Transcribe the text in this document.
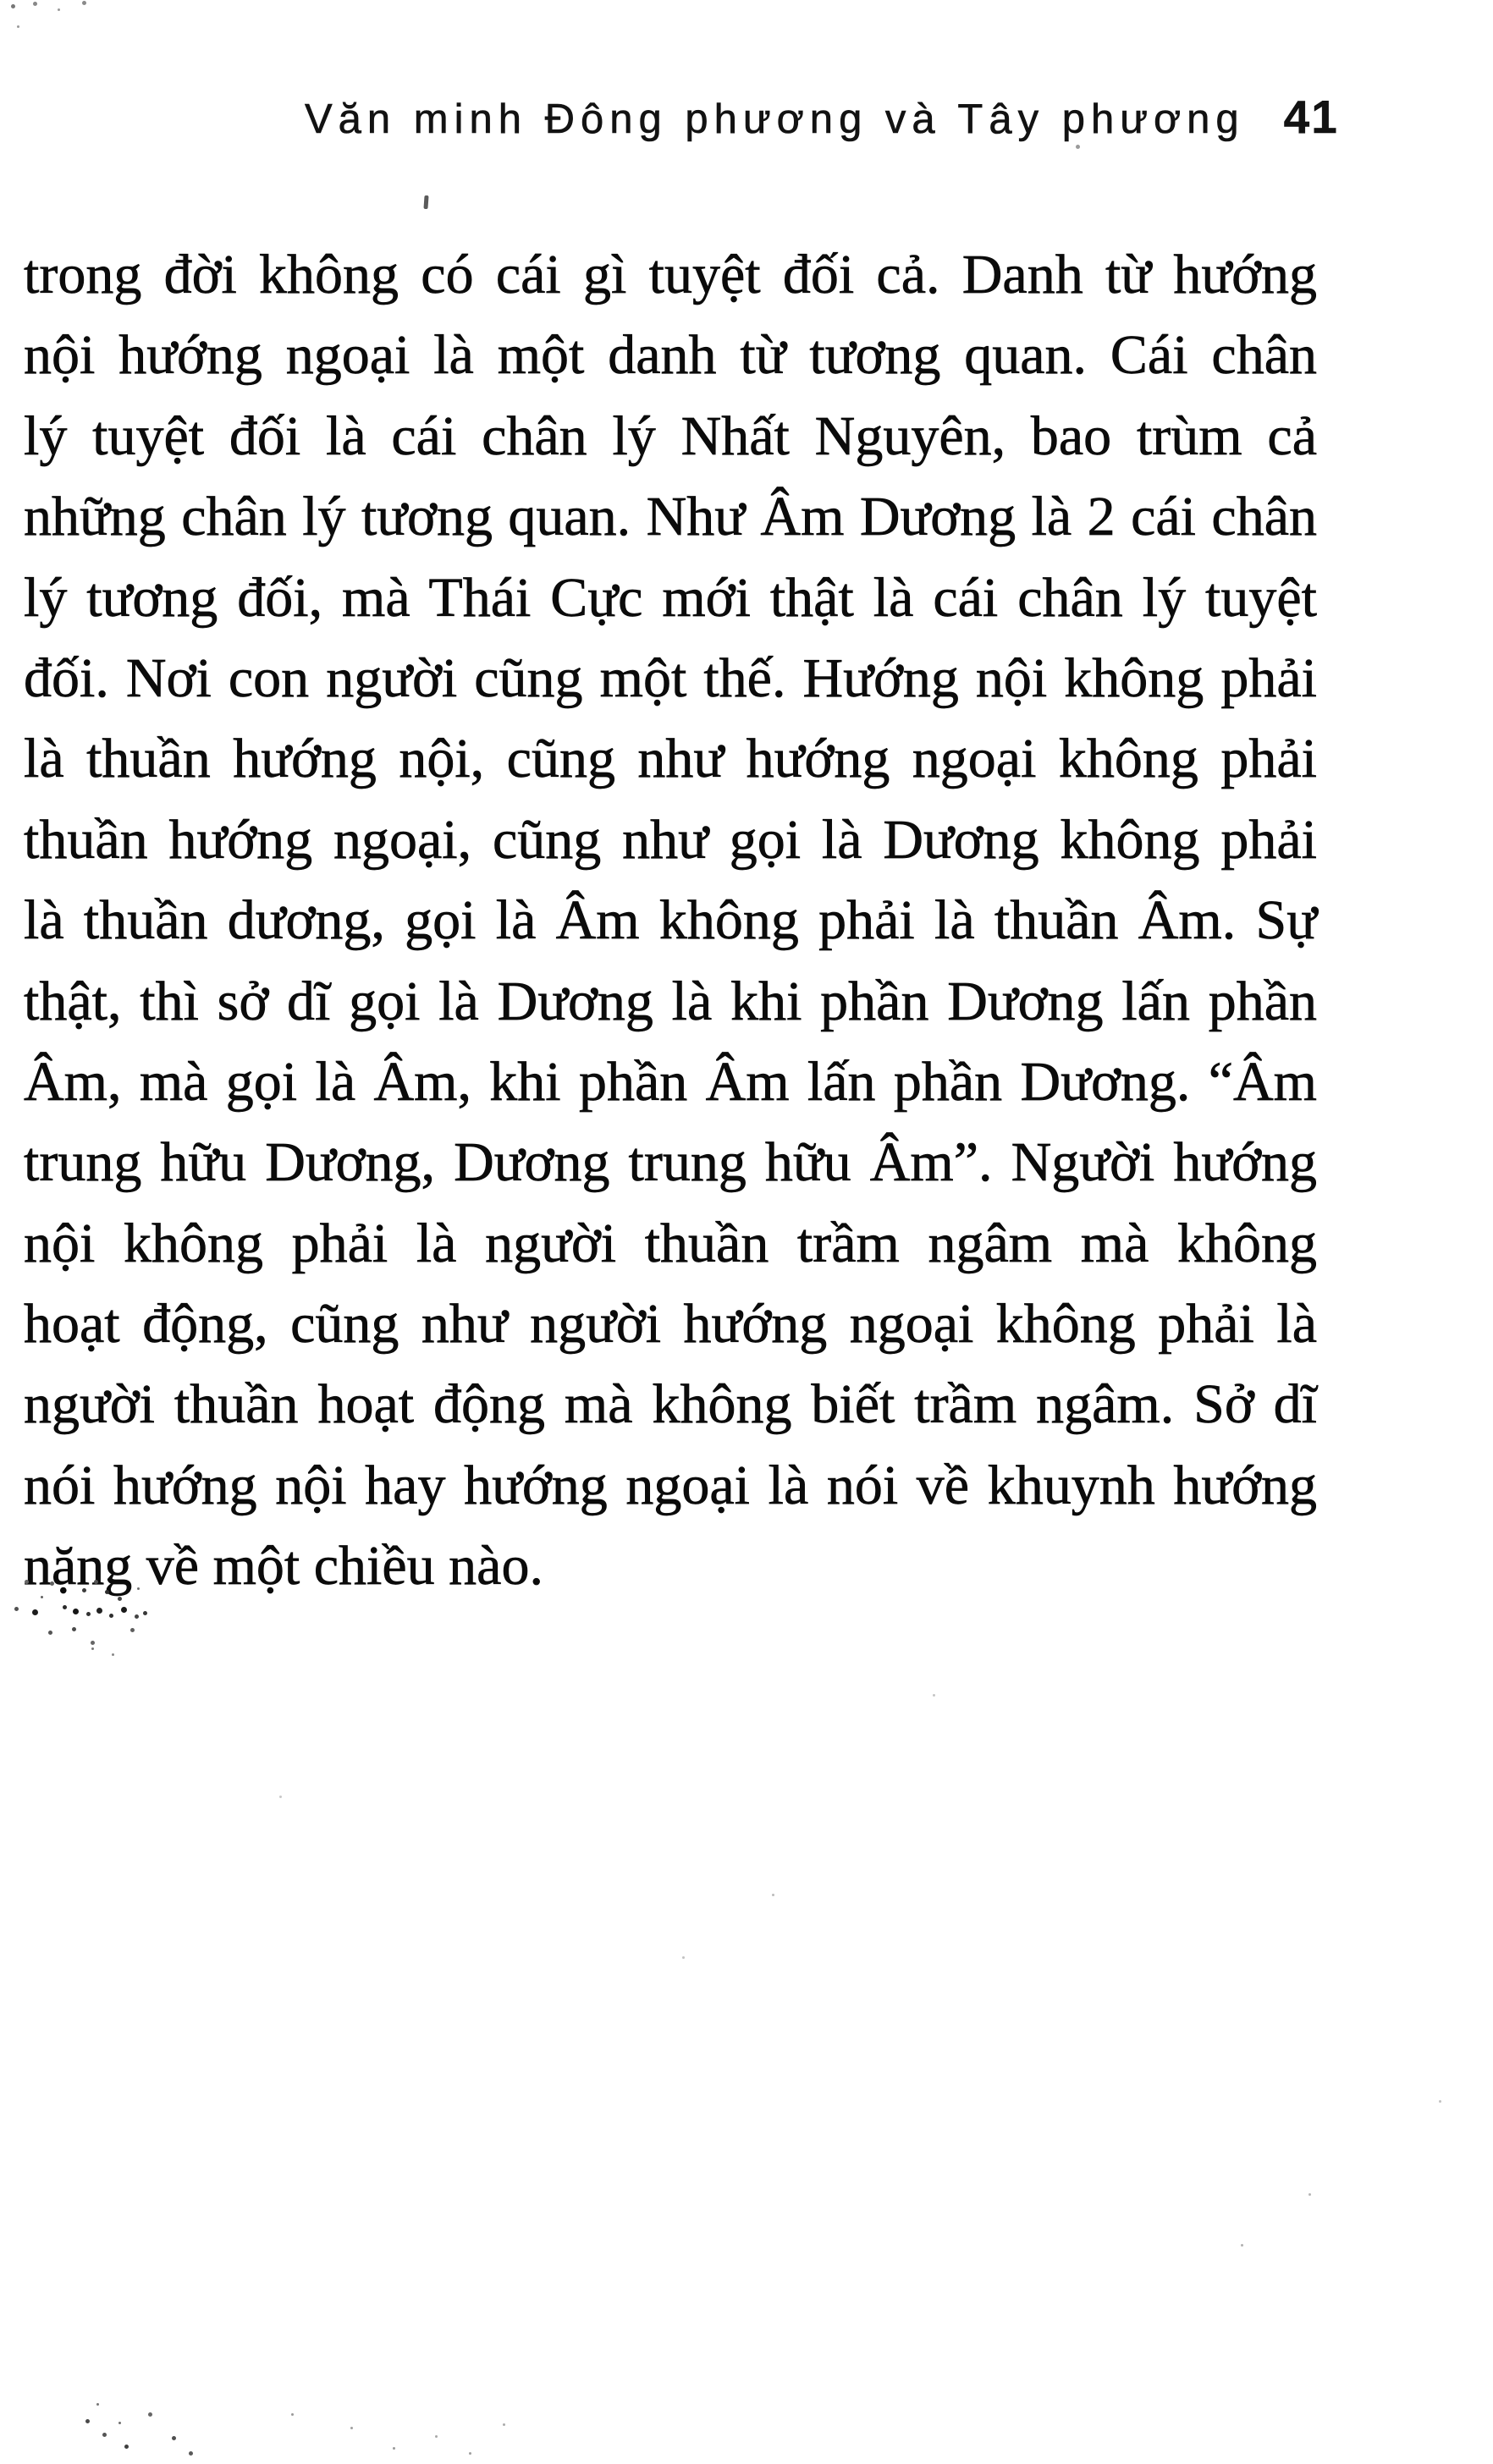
Văn minh Đông phương và Tây phương 41

trong đời không có cái gì tuyệt đối cả. Danh từ hướng

nội hướng ngoại là một danh từ tương quan. Cái chân

lý tuyệt đối là cái chân lý Nhất Nguyên, bao trùm cả

những chân lý tương quan. Như Âm Dương là 2 cái chân

lý tương đối, mà Thái Cực mới thật là cái chân lý tuyệt

đối. Nơi con người cũng một thế. Hướng nội không phải

là thuần hướng nội, cũng như hướng ngoại không phải

thuần hướng ngoại, cũng như gọi là Dương không phải

là thuần dương, gọi là Âm không phải là thuần Âm. Sự

thật, thì sở dĩ gọi là Dương là khi phần Dương lấn phần

Âm, mà gọi là Âm, khi phần Âm lấn phần Dương. “Âm

trung hữu Dương, Dương trung hữu Âm”. Người hướng

nội không phải là người thuần trầm ngâm mà không

hoạt động, cũng như người hướng ngoại không phải là

người thuần hoạt động mà không biết trầm ngâm. Sở dĩ

nói hướng nội hay hướng ngoại là nói về khuynh hướng

nặng về một chiều nào.
